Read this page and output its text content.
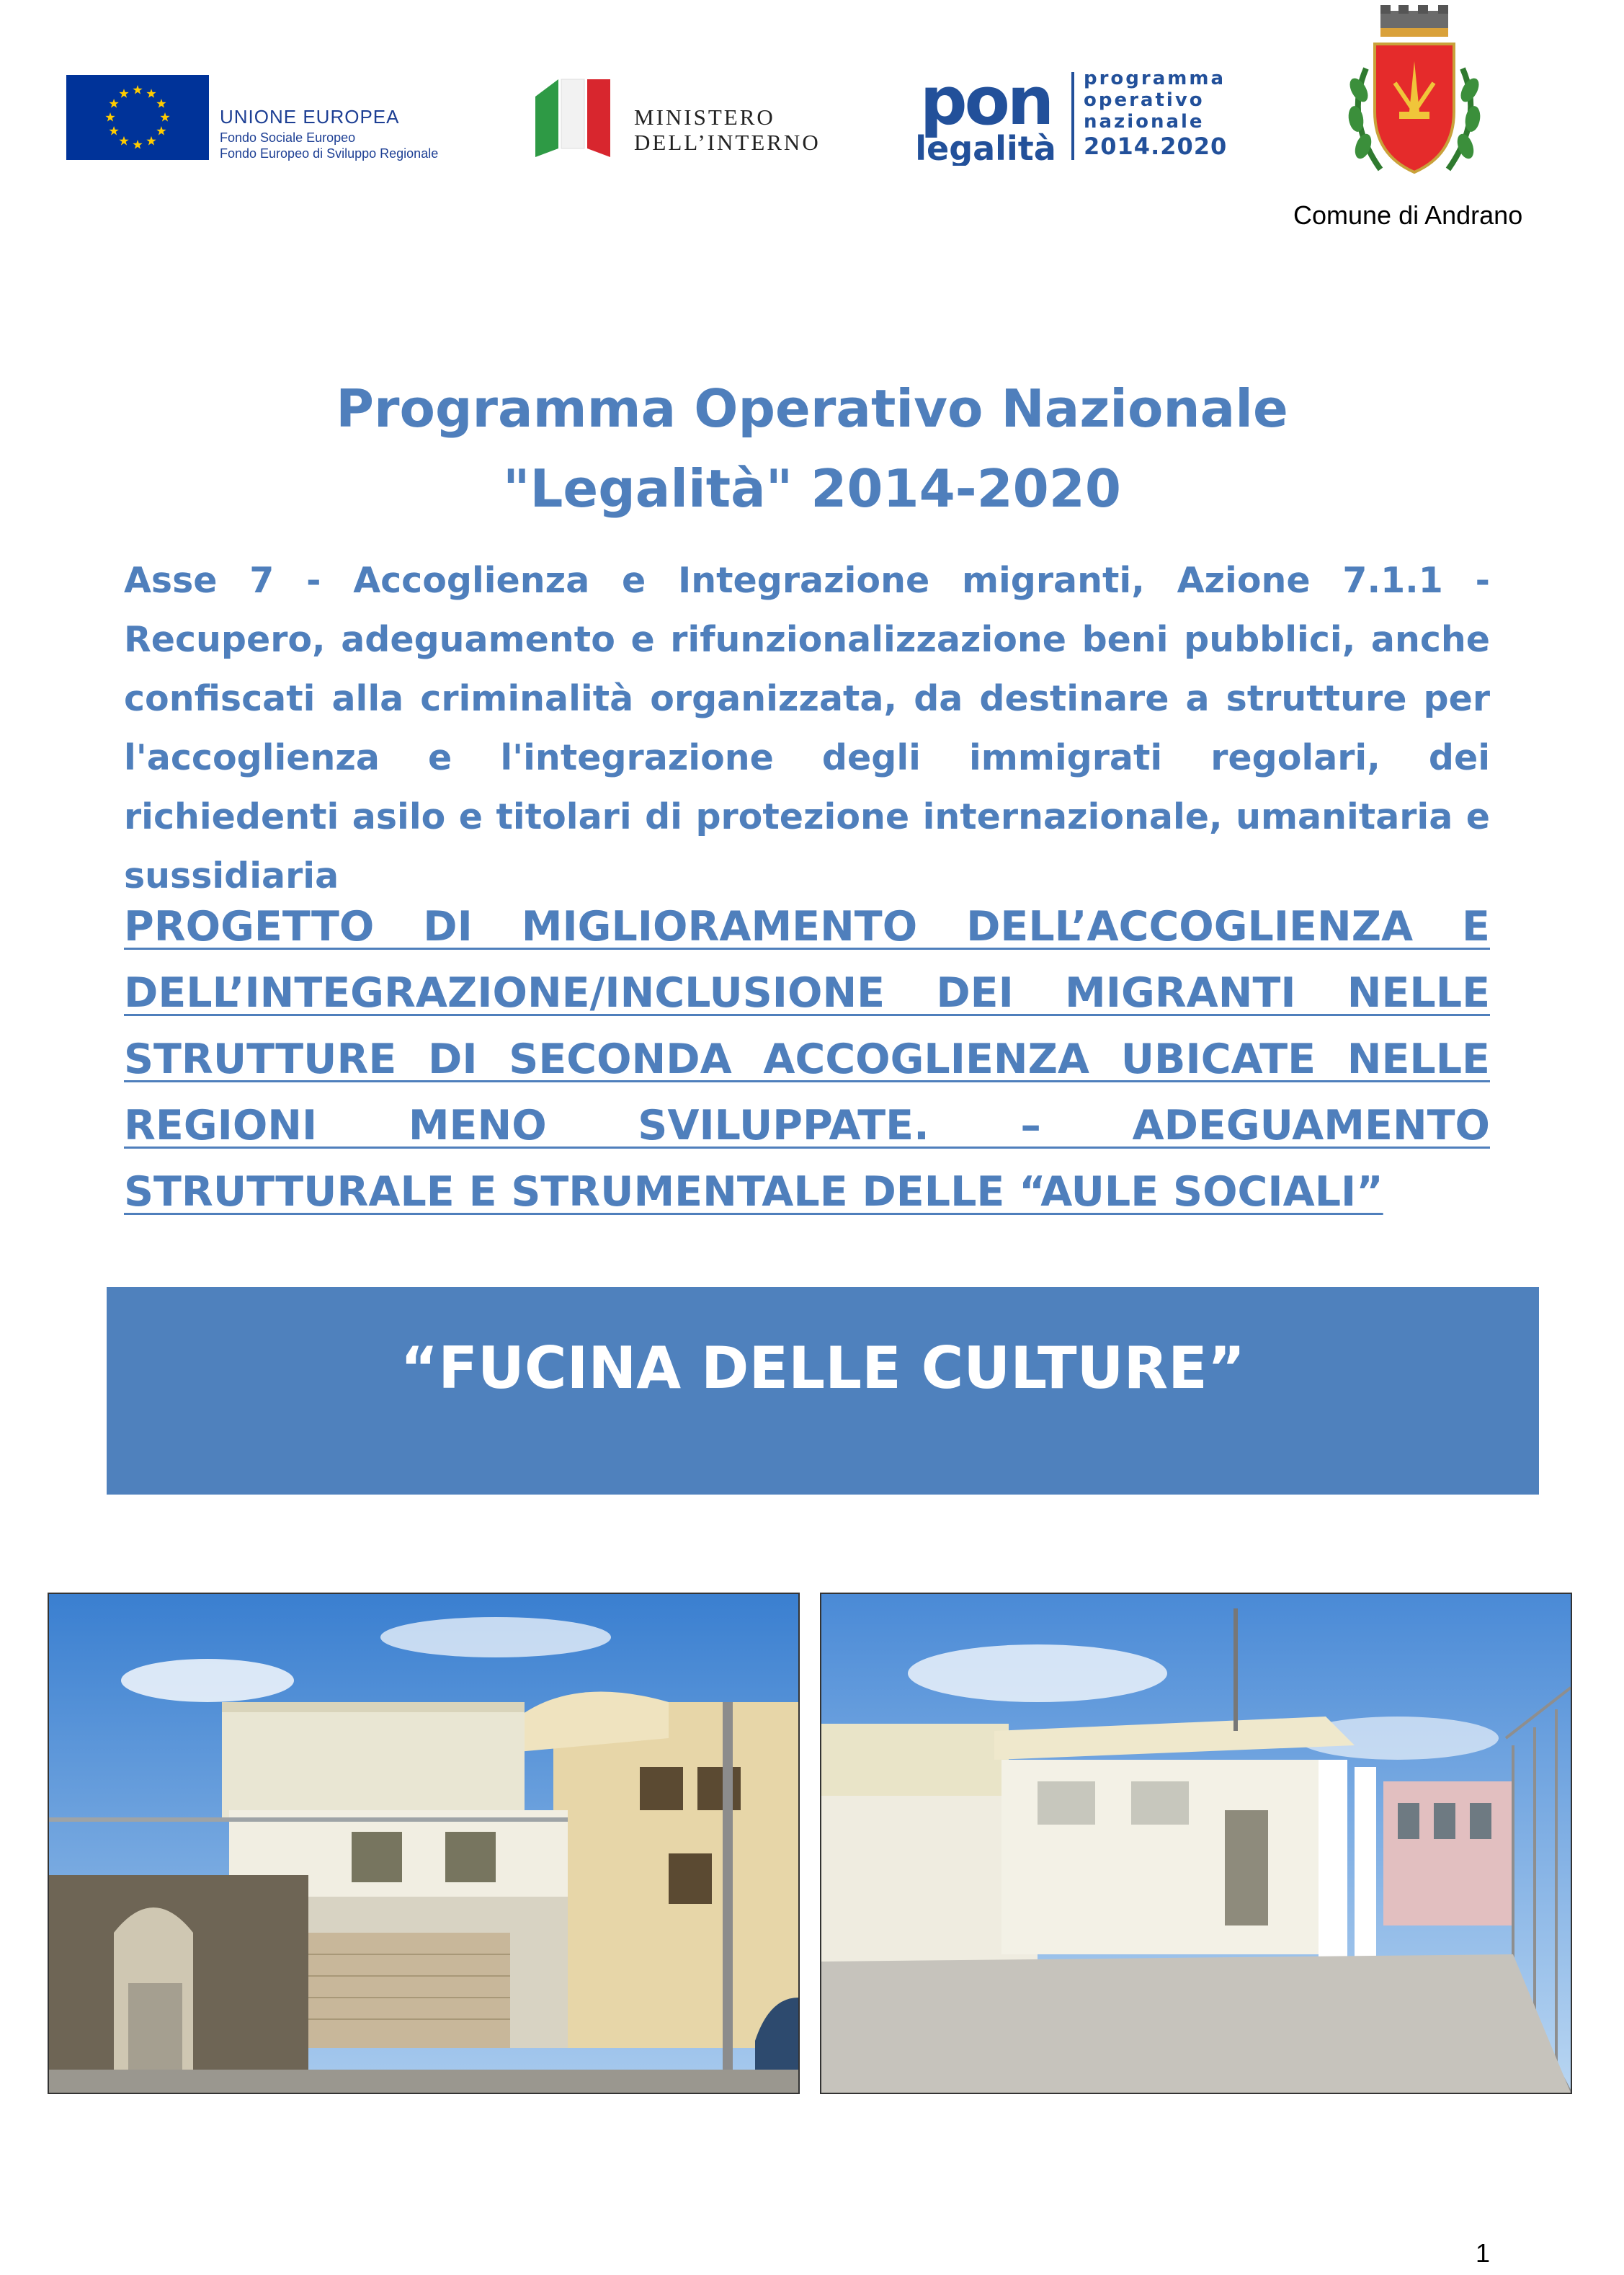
UNIONE EUROPEA
Fondo Sociale Europeo
Fondo Europeo di Sviluppo Regionale
MINISTERO
DELL’INTERNO
pon
legalità
programma
operativo
nazionale
2014.2020
Comune di Andrano
Programma Operativo Nazionale
"Legalità" 2014-2020

Asse 7 - Accoglienza e Integrazione migranti, Azione 7.1.1 - Recupero, adeguamento e rifunzionalizzazione beni pubblici, anche confiscati alla criminalità organizzata, da destinare a strutture per l'accoglienza e l'integrazione degli immigrati regolari, dei richiedenti asilo e titolari di protezione internazionale, umanitaria e sussidiaria

PROGETTO DI MIGLIORAMENTO DELL’ACCOGLIENZA E DELL’INTEGRAZIONE/INCLUSIONE DEI MIGRANTI NELLE STRUTTURE DI SECONDA ACCOGLIENZA UBICATE NELLE REGIONI MENO SVILUPPATE. – ADEGUAMENTO STRUTTURALE E STRUMENTALE DELLE “AULE SOCIALI”

“FUCINA DELLE CULTURE”
1
